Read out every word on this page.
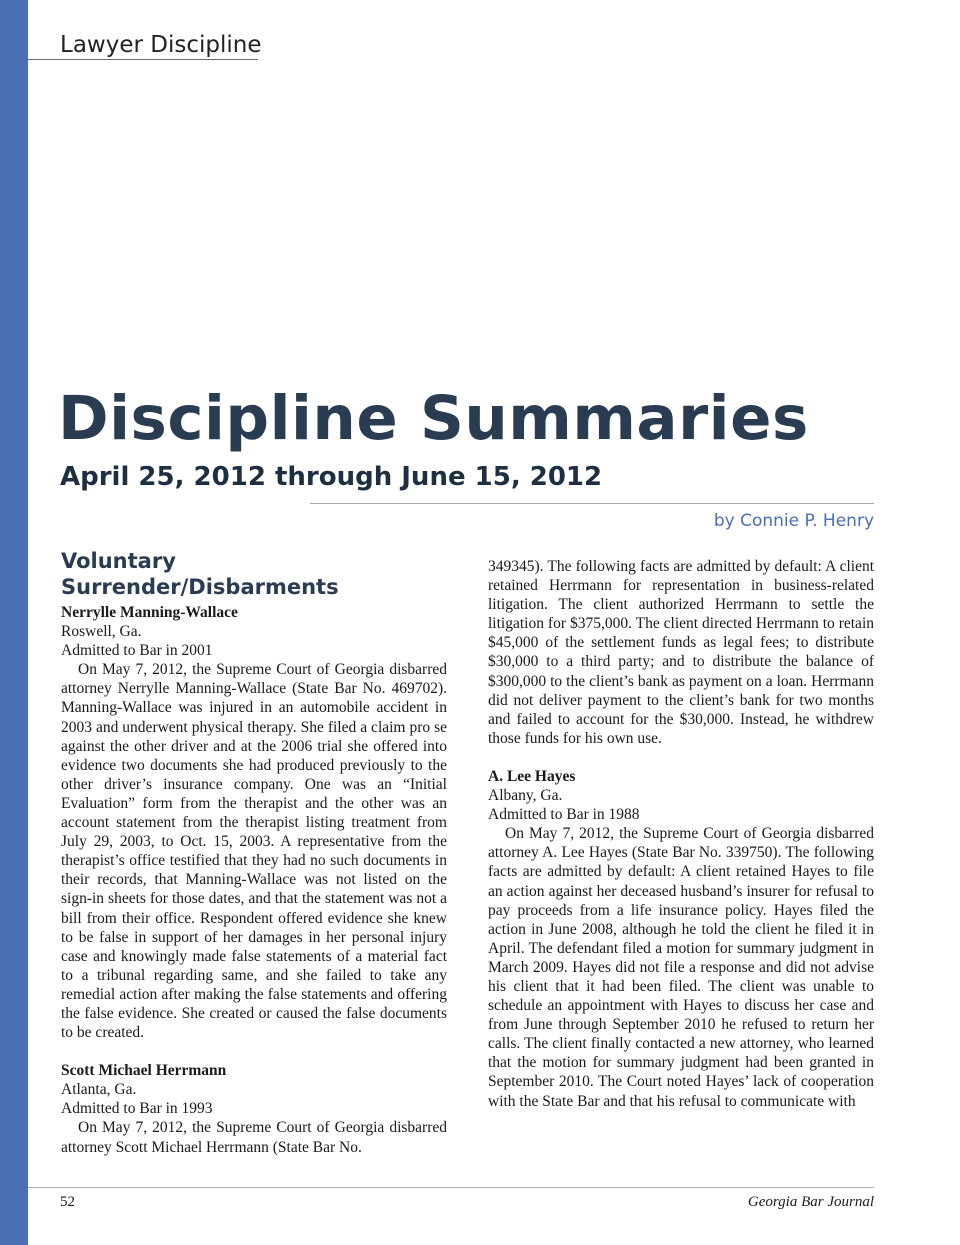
Lawyer Discipline
Discipline Summaries
April 25, 2012 through June 15, 2012
by Connie P. Henry
Voluntary Surrender/Disbarments

Nerrylle Manning-Wallace

Roswell, Ga.

Admitted to Bar in 2001

On May 7, 2012, the Supreme Court of Georgia disbarred attorney Nerrylle Manning-Wallace (State Bar No. 469702). Manning-Wallace was injured in an automobile accident in 2003 and underwent physical therapy. She filed a claim pro se against the other driver and at the 2006 trial she offered into evidence two documents she had produced previously to the other driver’s insurance company. One was an “Initial Evaluation” form from the therapist and the other was an account statement from the therapist listing treatment from July 29, 2003, to Oct. 15, 2003. A representative from the therapist’s office testified that they had no such documents in their records, that Manning-Wallace was not listed on the sign-in sheets for those dates, and that the statement was not a bill from their office. Respondent offered evidence she knew to be false in support of her damages in her personal injury case and knowingly made false statements of a material fact to a tribunal regarding same, and she failed to take any remedial action after making the false statements and offering the false evidence. She created or caused the false documents to be created.

Scott Michael Herrmann

Atlanta, Ga.

Admitted to Bar in 1993

On May 7, 2012, the Supreme Court of Georgia disbarred attorney Scott Michael Herrmann (State Bar No.

349345). The following facts are admitted by default: A client retained Herrmann for representation in business-related litigation. The client authorized Herrmann to settle the litigation for $375,000. The client directed Herrmann to retain $45,000 of the settlement funds as legal fees; to distribute $30,000 to a third party; and to distribute the balance of $300,000 to the client’s bank as payment on a loan. Herrmann did not deliver payment to the client’s bank for two months and failed to account for the $30,000. Instead, he withdrew those funds for his own use.

A. Lee Hayes

Albany, Ga.

Admitted to Bar in 1988

On May 7, 2012, the Supreme Court of Georgia disbarred attorney A. Lee Hayes (State Bar No. 339750). The following facts are admitted by default: A client retained Hayes to file an action against her deceased husband’s insurer for refusal to pay proceeds from a life insurance policy. Hayes filed the action in June 2008, although he told the client he filed it in April. The defendant filed a motion for summary judgment in March 2009. Hayes did not file a response and did not advise his client that it had been filed. The client was unable to schedule an appointment with Hayes to discuss her case and from June through September 2010 he refused to return her calls. The client finally contacted a new attorney, who learned that the motion for summary judgment had been granted in September 2010. The Court noted Hayes’ lack of cooperation with the State Bar and that his refusal to communicate with

52	Georgia Bar Journal
